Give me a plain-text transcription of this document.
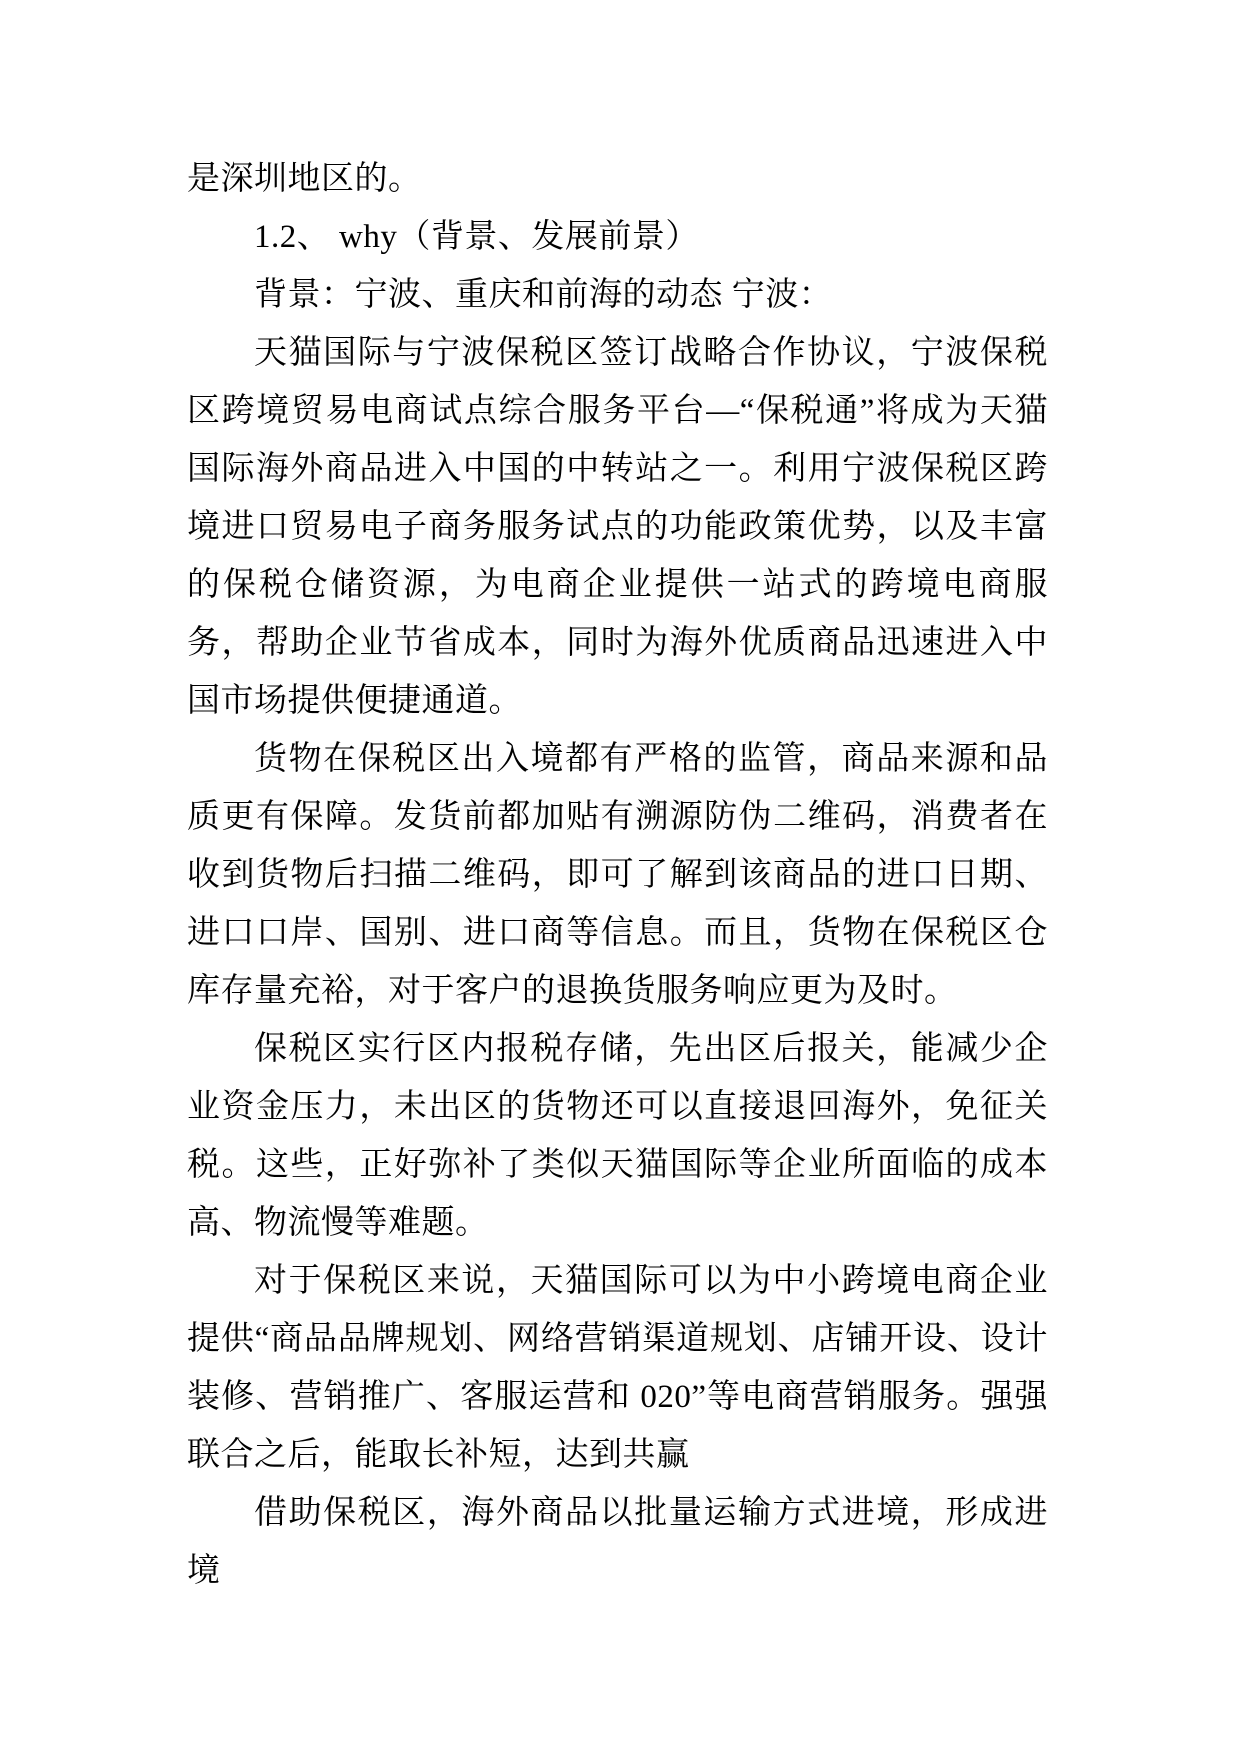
是深圳地区的。

1.2、 why（背景、发展前景）

背景：宁波、重庆和前海的动态 宁波：

天猫国际与宁波保税区签订战略合作协议，宁波保税区跨境贸易电商试点综合服务平台—“保税通”将成为天猫国际海外商品进入中国的中转站之一。利用宁波保税区跨境进口贸易电子商务服务试点的功能政策优势，以及丰富的保税仓储资源，为电商企业提供一站式的跨境电商服务，帮助企业节省成本，同时为海外优质商品迅速进入中国市场提供便捷通道。

货物在保税区出入境都有严格的监管，商品来源和品质更有保障。发货前都加贴有溯源防伪二维码，消费者在收到货物后扫描二维码，即可了解到该商品的进口日期、进口口岸、国别、进口商等信息。而且，货物在保税区仓库存量充裕，对于客户的退换货服务响应更为及时。

保税区实行区内报税存储，先出区后报关，能减少企业资金压力，未出区的货物还可以直接退回海外，免征关税。这些，正好弥补了类似天猫国际等企业所面临的成本高、物流慢等难题。

对于保税区来说，天猫国际可以为中小跨境电商企业提供“商品品牌规划、网络营销渠道规划、店铺开设、设计装修、营销推广、客服运营和 020”等电商营销服务。强强联合之后，能取长补短，达到共赢

借助保税区，海外商品以批量运输方式进境，形成进境
